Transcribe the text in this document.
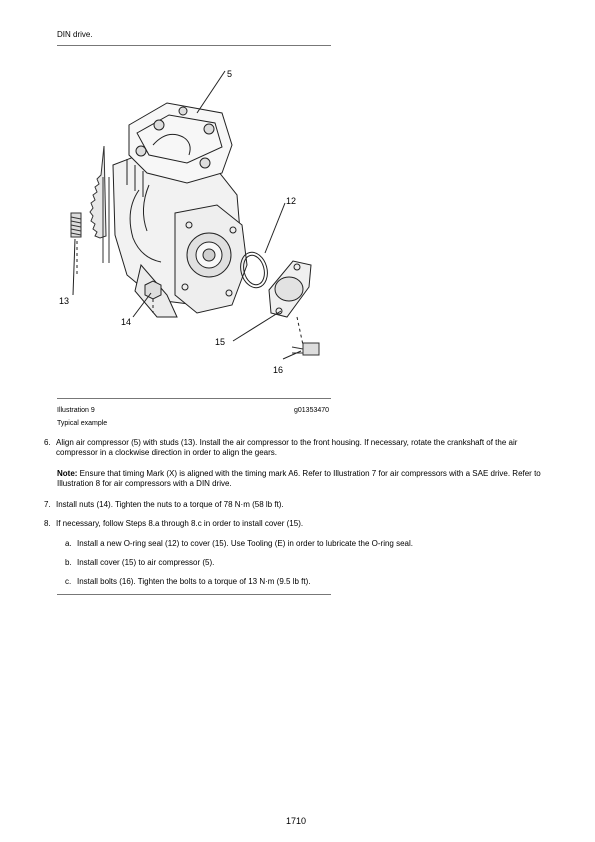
DIN drive.
5
12
13
14
15
16
Illustration 9	g01353470
Typical example
6. Align air compressor (5) with studs (13). Install the air compressor to the front housing. If necessary, rotate the crankshaft of the air compressor in a clockwise direction in order to align the gears.
Note: Ensure that timing Mark (X) is aligned with the timing mark A6. Refer to Illustration 7 for air compressors with a SAE drive. Refer to Illustration 8 for air compressors with a DIN drive.
7. Install nuts (14). Tighten the nuts to a torque of 78 N·m (58 lb ft).
8. If necessary, follow Steps 8.a through 8.c in order to install cover (15).
a. Install a new O-ring seal (12) to cover (15). Use Tooling (E) in order to lubricate the O-ring seal.
b. Install cover (15) to air compressor (5).
c. Install bolts (16). Tighten the bolts to a torque of 13 N·m (9.5 lb ft).
1710
